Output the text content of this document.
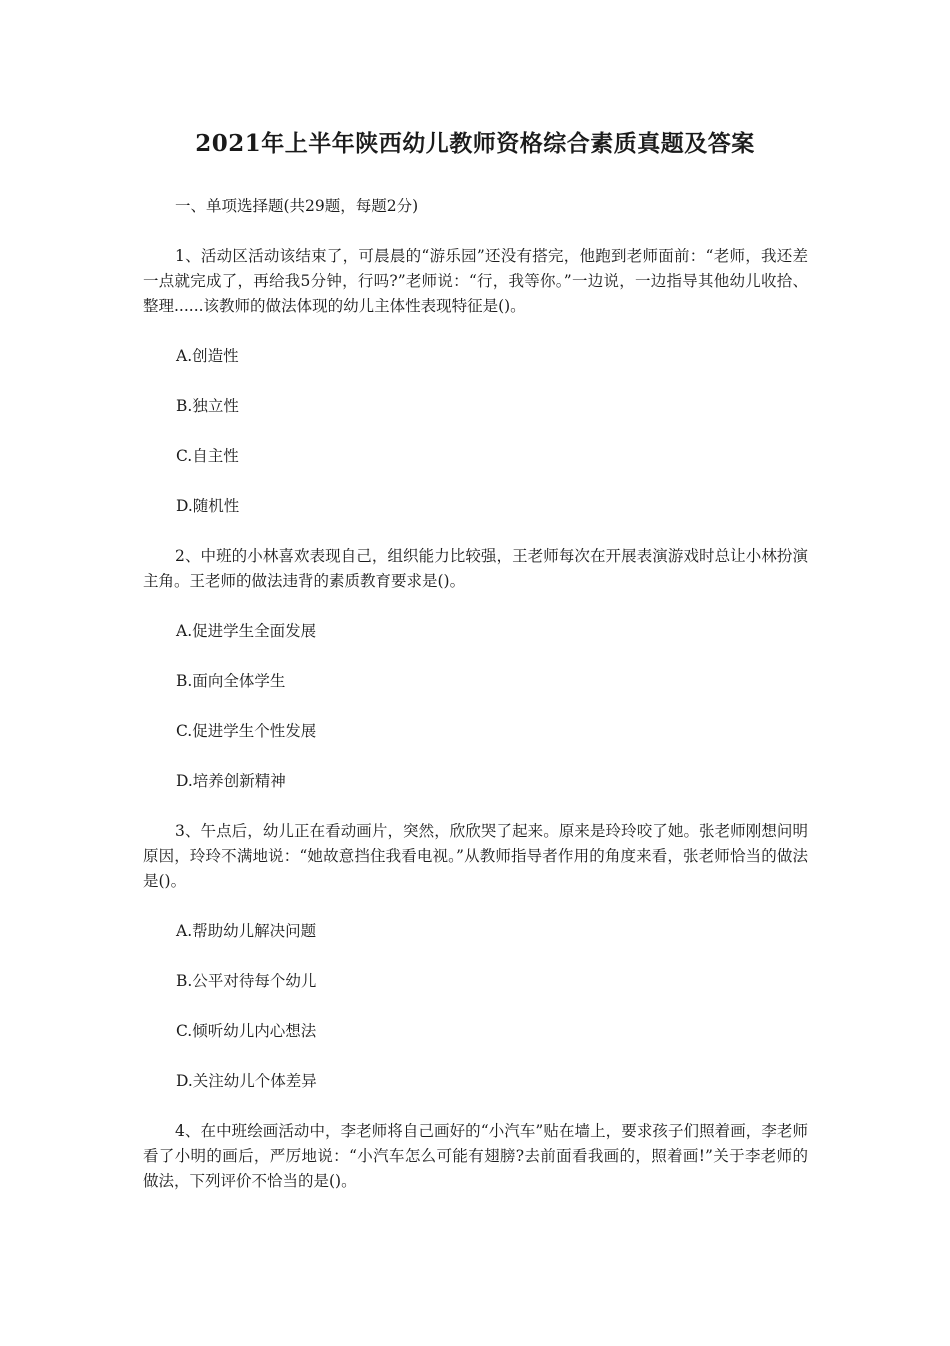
2021年上半年陕西幼儿教师资格综合素质真题及答案
一、单项选择题(共29题，每题2分)
1、活动区活动该结束了，可晨晨的“游乐园”还没有搭完，他跑到老师面前：“老师，我还差一点就完成了，再给我5分钟，行吗?”老师说：“行，我等你。”一边说，一边指导其他幼儿收拾、整理......该教师的做法体现的幼儿主体性表现特征是()。
A.创造性
B.独立性
C.自主性
D.随机性
2、中班的小林喜欢表现自己，组织能力比较强，王老师每次在开展表演游戏时总让小林扮演主角。王老师的做法违背的素质教育要求是()。
A.促进学生全面发展
B.面向全体学生
C.促进学生个性发展
D.培养创新精神
3、午点后，幼儿正在看动画片，突然，欣欣哭了起来。原来是玲玲咬了她。张老师刚想问明原因，玲玲不满地说：“她故意挡住我看电视。”从教师指导者作用的角度来看，张老师恰当的做法是()。
A.帮助幼儿解决问题
B.公平对待每个幼儿
C.倾听幼儿内心想法
D.关注幼儿个体差异
4、在中班绘画活动中，李老师将自己画好的“小汽车”贴在墙上，要求孩子们照着画，李老师看了小明的画后，严厉地说：“小汽车怎么可能有翅膀?去前面看我画的，照着画!”关于李老师的做法，下列评价不恰当的是()。
